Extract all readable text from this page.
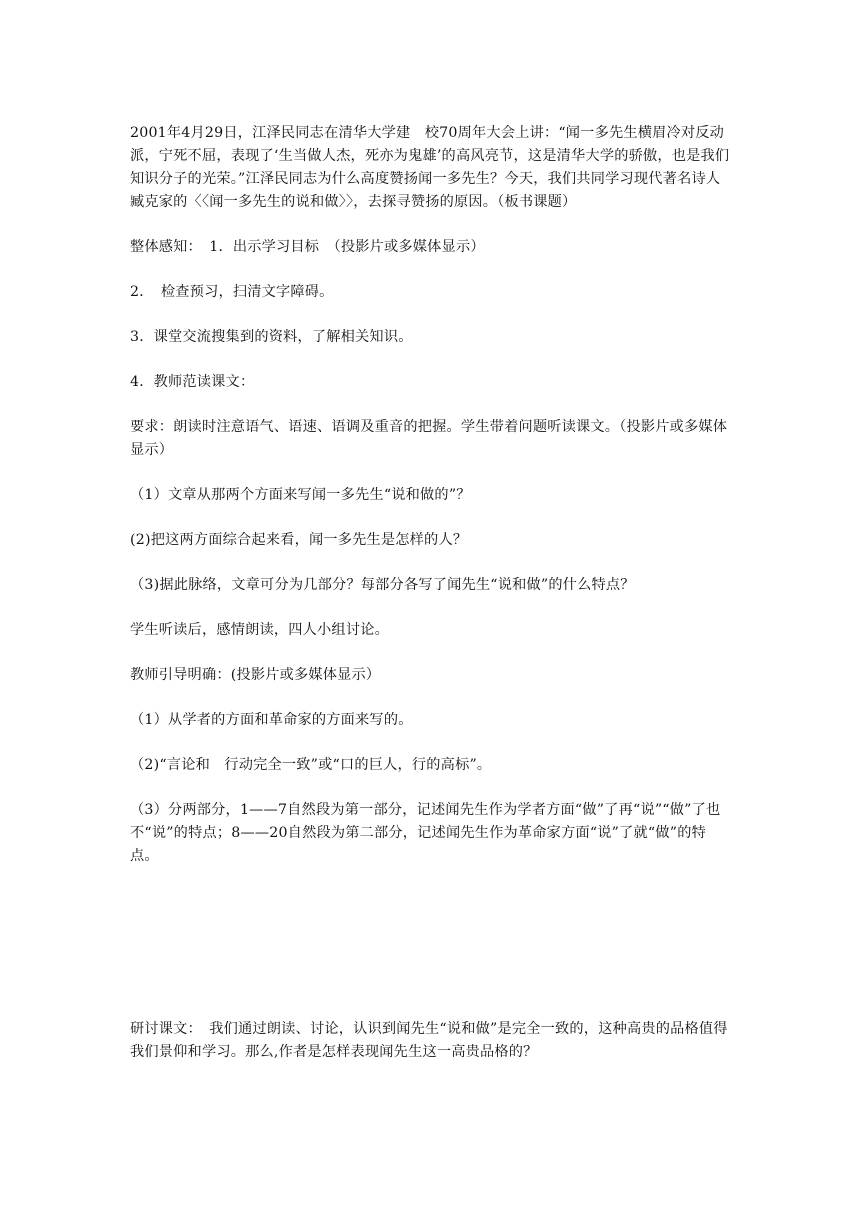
2001年4月29日，江泽民同志在清华大学建　校70周年大会上讲：“闻一多先生横眉冷对反动派，宁死不屈，表现了‘生当做人杰，死亦为鬼雄’的高风亮节，这是清华大学的骄傲，也是我们知识分子的光荣。”江泽民同志为什么高度赞扬闻一多先生？今天，我们共同学习现代著名诗人臧克家的〈〈闻一多先生的说和做〉〉，去探寻赞扬的原因。（板书课题）

整体感知：　1．出示学习目标　（投影片或多媒体显示）

2．　检查预习，扫清文字障碍。

3．课堂交流搜集到的资料，了解相关知识。

4．教师范读课文：

要求：朗读时注意语气、语速、语调及重音的把握。学生带着问题听读课文。（投影片或多媒体显示）

（1）文章从那两个方面来写闻一多先生“说和做的”？

(2)把这两方面综合起来看，闻一多先生是怎样的人？

（3)据此脉络，文章可分为几部分？每部分各写了闻先生“说和做”的什么特点？

学生听读后，感情朗读，四人小组讨论。

教师引导明确：(投影片或多媒体显示）

（1）从学者的方面和革命家的方面来写的。

（2)“言论和　行动完全一致”或“口的巨人，行的高标”。

（3）分两部分，1——7自然段为第一部分，记述闻先生作为学者方面“做”了再“说”“做”了也不“说”的特点；8——20自然段为第二部分，记述闻先生作为革命家方面“说”了就“做”的特点。

研讨课文：　我们通过朗读、讨论，认识到闻先生“说和做”是完全一致的，这种高贵的品格值得我们景仰和学习。那么,作者是怎样表现闻先生这一高贵品格的？
